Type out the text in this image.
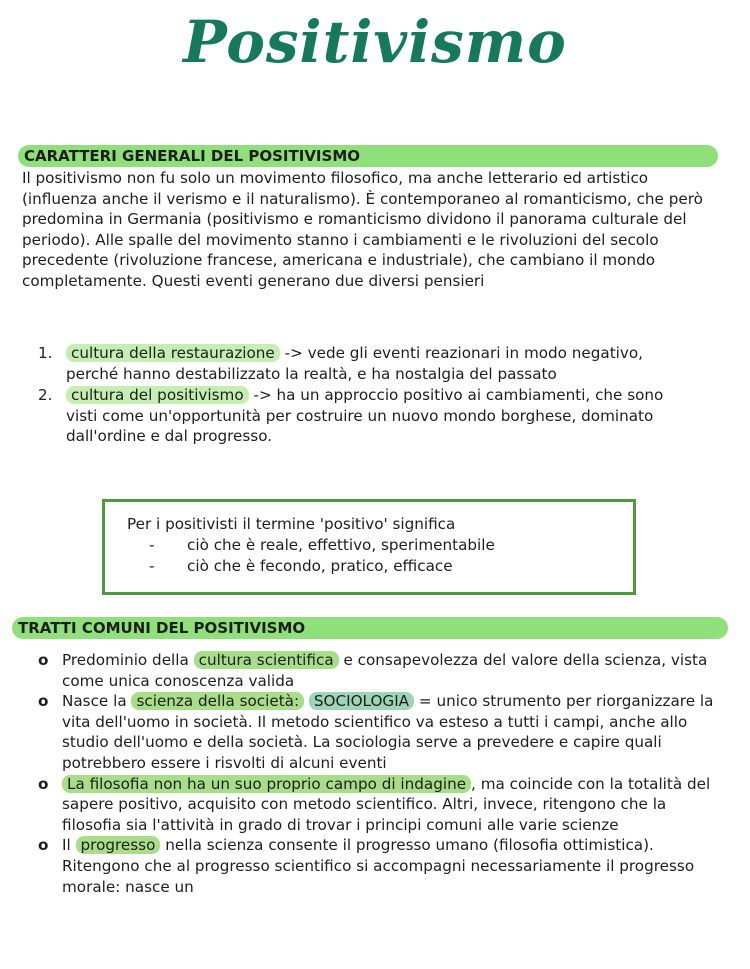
Positivismo
CARATTERI GENERALI DEL POSITIVISMO

Il positivismo non fu solo un movimento filosofico, ma anche letterario ed artistico (influenza anche il verismo e il naturalismo). È contemporaneo al romanticismo, che però predomina in Germania (positivismo e romanticismo dividono il panorama culturale del periodo). Alle spalle del movimento stanno i cambiamenti e le rivoluzioni del secolo precedente (rivoluzione francese, americana e industriale), che cambiano il mondo completamente. Questi eventi generano due diversi pensieri

1. cultura della restaurazione -> vede gli eventi reazionari in modo negativo, perché hanno destabilizzato la realtà, e ha nostalgia del passato
2. cultura del positivismo -> ha un approccio positivo ai cambiamenti, che sono visti come un'opportunità per costruire un nuovo mondo borghese, dominato dall'ordine e dal progresso.
Per i positivisti il termine 'positivo' significa
- ciò che è reale, effettivo, sperimentabile
- ciò che è fecondo, pratico, efficace
TRATTI COMUNI DEL POSITIVISMO
o Predominio della cultura scientifica e consapevolezza del valore della scienza, vista come unica conoscenza valida
o Nasce la scienza della società: SOCIOLOGIA = unico strumento per riorganizzare la vita dell'uomo in società. Il metodo scientifico va esteso a tutti i campi, anche allo studio dell'uomo e della società. La sociologia serve a prevedere e capire quali potrebbero essere i risvolti di alcuni eventi
o La filosofia non ha un suo proprio campo di indagine , ma coincide con la totalità del sapere positivo, acquisito con metodo scientifico. Altri, invece, ritengono che la filosofia sia l'attività in grado di trovar i principi comuni alle varie scienze
o Il progresso nella scienza consente il progresso umano (filosofia ottimistica). Ritengono che al progresso scientifico si accompagni necessariamente il progresso morale: nasce un
